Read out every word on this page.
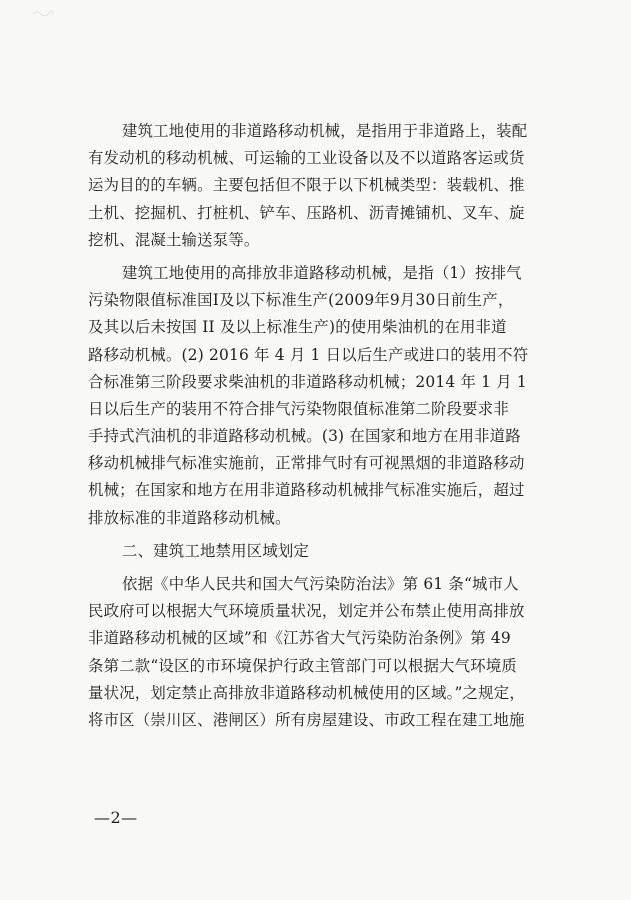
建筑工地使用的非道路移动机械，是指用于非道路上，装配
有发动机的移动机械、可运输的工业设备以及不以道路客运或货
运为目的的车辆。主要包括但不限于以下机械类型：装载机、推
土机、挖掘机、打桩机、铲车、压路机、沥青摊铺机、叉车、旋
挖机、混凝土输送泵等。
建筑工地使用的高排放非道路移动机械，是指（1）按排气
污染物限值标准国Ⅰ及以下标准生产(2009年9月30日前生产，
及其以后未按国 II 及以上标准生产)的使用柴油机的在用非道
路移动机械。(2) 2016 年 4 月 1 日以后生产或进口的装用不符
合标准第三阶段要求柴油机的非道路移动机械；2014 年 1 月 1
日以后生产的装用不符合排气污染物限值标准第二阶段要求非
手持式汽油机的非道路移动机械。(3) 在国家和地方在用非道路
移动机械排气标准实施前，正常排气时有可视黑烟的非道路移动
机械；在国家和地方在用非道路移动机械排气标准实施后，超过
排放标准的非道路移动机械。
二、建筑工地禁用区域划定
依据《中华人民共和国大气污染防治法》第 61 条“城市人
民政府可以根据大气环境质量状况，划定并公布禁止使用高排放
非道路移动机械的区域”和《江苏省大气污染防治条例》第 49
条第二款“设区的市环境保护行政主管部门可以根据大气环境质
量状况，划定禁止高排放非道路移动机械使用的区域。”之规定，
将市区（崇川区、港闸区）所有房屋建设、市政工程在建工地施
—2—
